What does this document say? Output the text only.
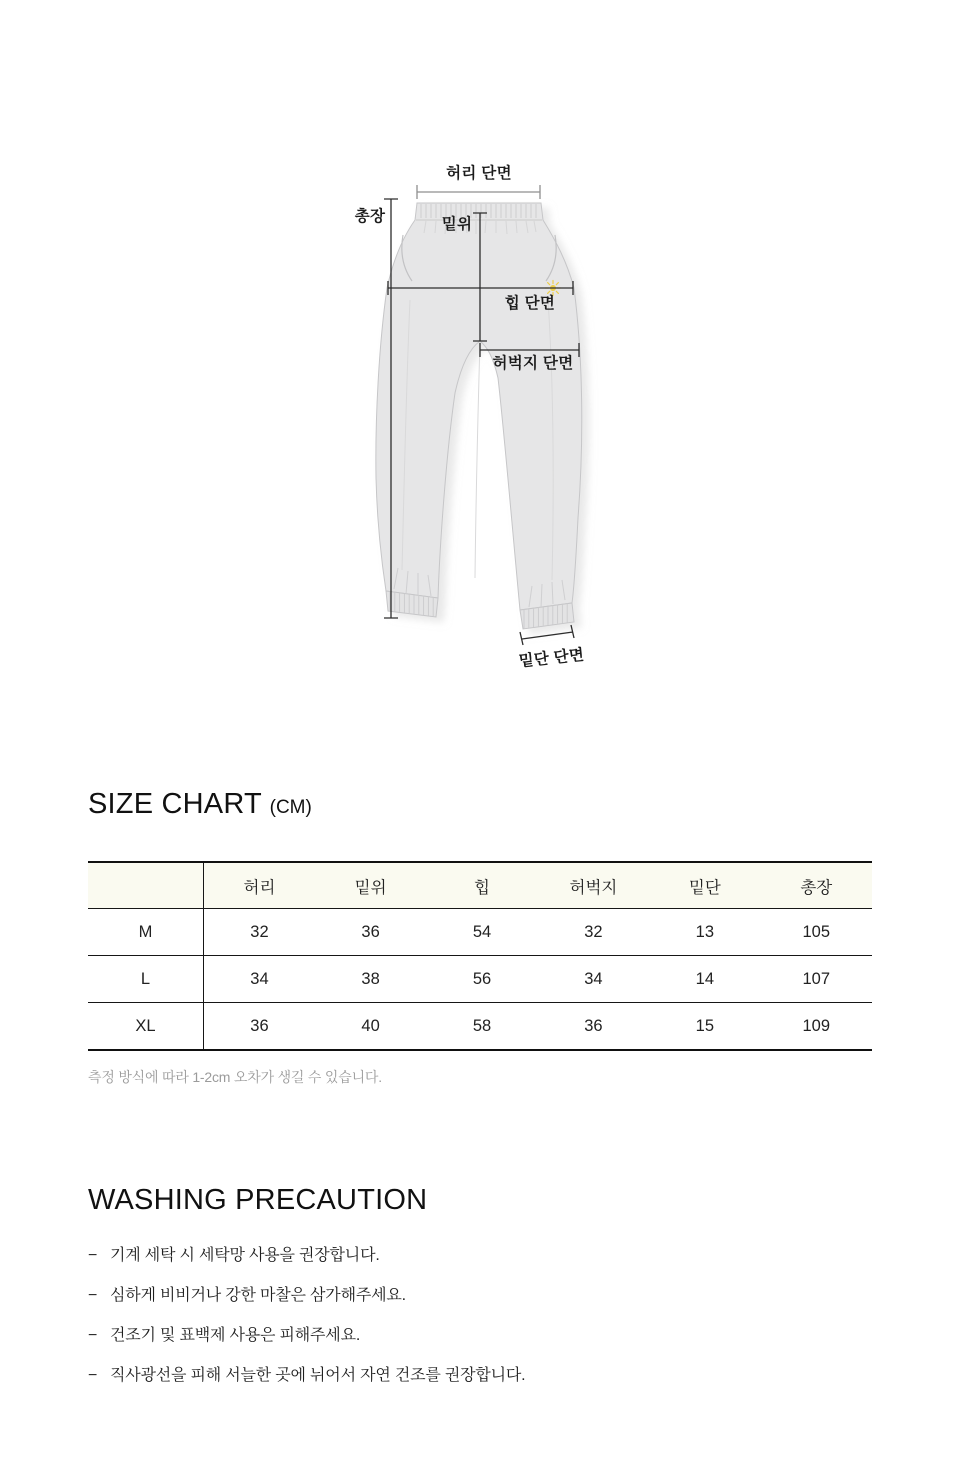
허리 단면
총장	밑위
힙 단면
허벅지 단면
밑단 단면
SIZE CHART (CM)
	허리	밑위	힙	허벅지	밑단	총장
M	32	36	54	32	13	105
L	34	38	56	34	14	107
XL	36	40	58	36	15	109

측정 방식에 따라 1-2cm 오차가 생길 수 있습니다.

WASHING PRECAUTION
− 기계 세탁 시 세탁망 사용을 권장합니다.
− 심하게 비비거나 강한 마찰은 삼가해주세요.
− 건조기 및 표백제 사용은 피해주세요.
− 직사광선을 피해 서늘한 곳에 뉘어서 자연 건조를 권장합니다.
